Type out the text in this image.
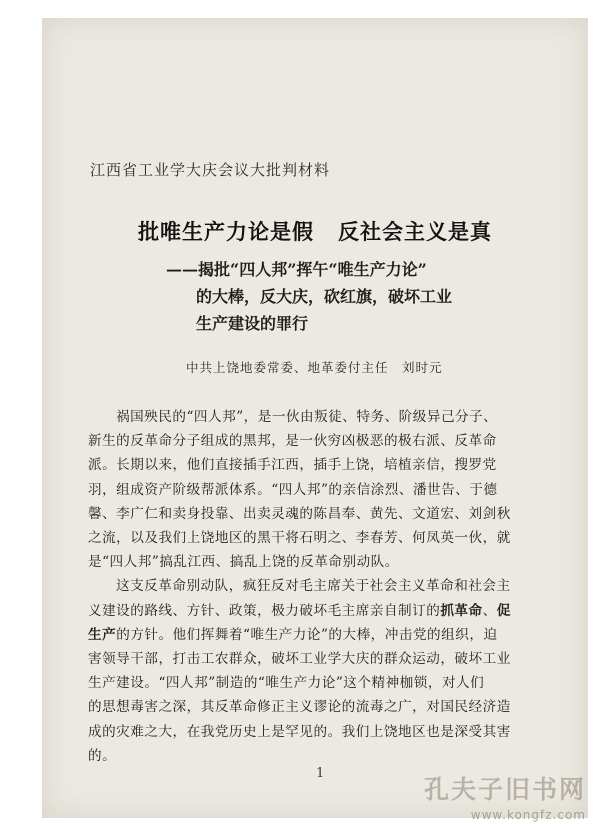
江西省工业学大庆会议大批判材料
批唯生产力论是假 反社会主义是真
——揭批“四人邦”挥午“唯生产力论”
的大棒，反大庆，砍红旗，破坏工业
生产建设的罪行
中共上饶地委常委、地革委付主任　刘时元
祸国殃民的“四人邦”，是一伙由叛徒、特务、阶级异己分子、
新生的反革命分子组成的黑邦，是一伙穷凶极恶的极右派、反革命
派。长期以来，他们直接插手江西，插手上饶，培植亲信，搜罗党
羽，组成资产阶级帮派体系。“四人邦”的亲信涂烈、潘世告、于德
馨、李广仁和卖身投靠、出卖灵魂的陈昌奉、黄先、文道宏、刘剑秋
之流，以及我们上饶地区的黑干将石明之、李春芳、何凤英一伙，就
是“四人邦”搞乱江西、搞乱上饶的反革命别动队。
这支反革命别动队，疯狂反对毛主席关于社会主义革命和社会主
义建设的路线、方针、政策，极力破坏毛主席亲自制订的抓革命、促
生产的方针。他们挥舞着“唯生产力论”的大棒，冲击党的组织，迫
害领导干部，打击工农群众，破坏工业学大庆的群众运动，破坏工业
生产建设。“四人邦”制造的“唯生产力论”这个精神枷锁，对人们
的思想毒害之深，其反革命修正主义谬论的流毒之广，对国民经济造
成的灾难之大，在我党历史上是罕见的。我们上饶地区也是深受其害
的。
1
孔夫子旧书网
www.kongfz.com
